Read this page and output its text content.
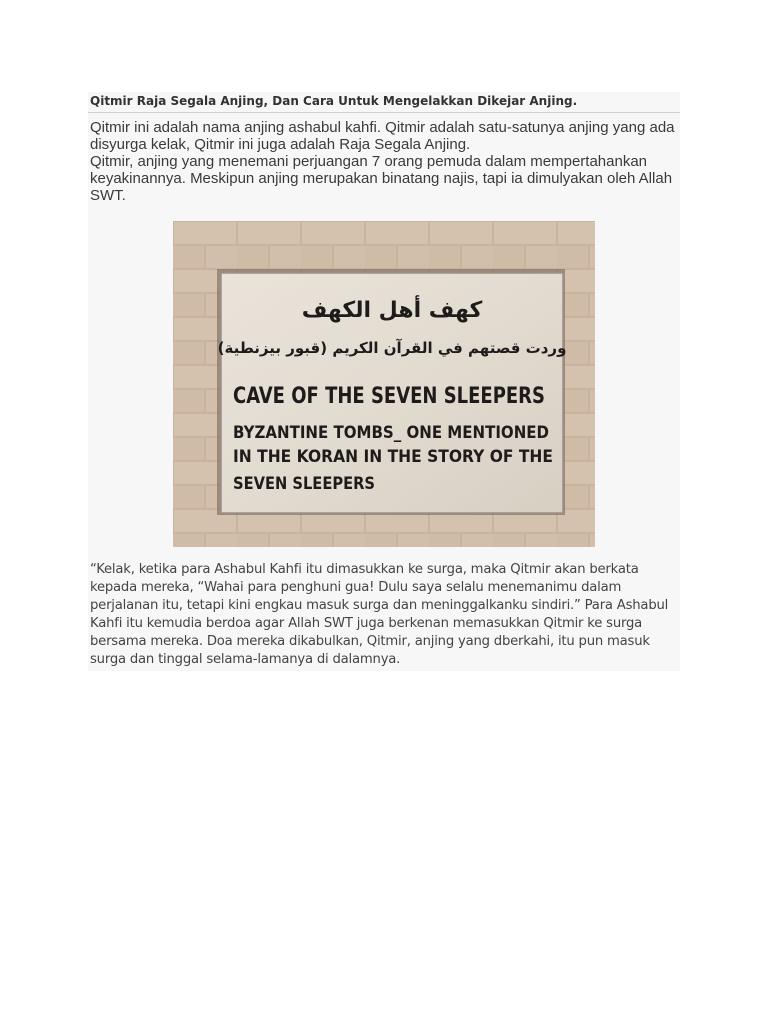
Qitmir Raja Segala Anjing, Dan Cara Untuk Mengelakkan Dikejar Anjing.

Qitmir ini adalah nama anjing ashabul kahfi. Qitmir adalah satu-satunya anjing yang ada disyurga kelak, Qitmir ini juga adalah Raja Segala Anjing.

Qitmir, anjing yang menemani perjuangan 7 orang pemuda dalam mempertahankan keyakinannya. Meskipun anjing merupakan binatang najis, tapi ia dimulyakan oleh Allah SWT.

كهف أهل الكهف
(قبور بيزنطية) وردت قصتهم في القرآن الكريم
CAVE OF THE SEVEN SLEEPERS
BYZANTINE TOMBS_ ONE MENTIONED
IN THE KORAN IN THE STORY OF THE
SEVEN SLEEPERS

“Kelak, ketika para Ashabul Kahfi itu dimasukkan ke surga, maka Qitmir akan berkata kepada mereka, “Wahai para penghuni gua! Dulu saya selalu menemanimu dalam perjalanan itu, tetapi kini engkau masuk surga dan meninggalkanku sindiri.” Para Ashabul Kahfi itu kemudia berdoa agar Allah SWT juga berkenan memasukkan Qitmir ke surga bersama mereka. Doa mereka dikabulkan, Qitmir, anjing yang dberkahi, itu pun masuk surga dan tinggal selama-lamanya di dalamnya.
